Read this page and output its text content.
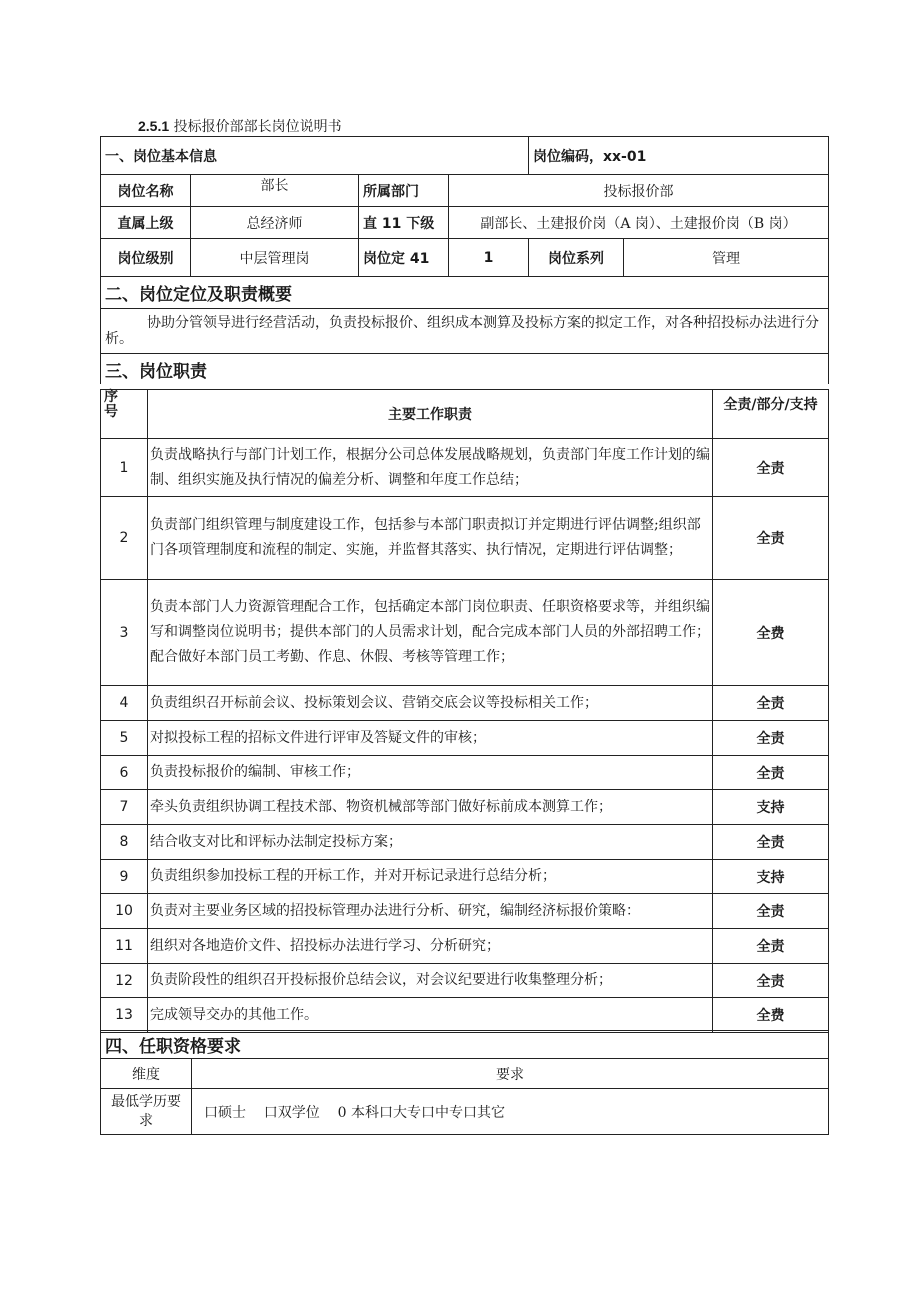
2.5.1 投标报价部部长岗位说明书
一、岗位基本信息				岗位编码，xx-01	
岗位名称	部长	所属部门	投标报价部		
直属上级	总经济师	直 11 下级	副部长、土建报价岗（A 岗）、土建报价岗（B 岗）		
岗位级别	中层管理岗	岗位定 41	1	岗位系列	管理
二、岗位定位及职责概要					
协助分管领导进行经营活动，负责投标报价、组织成本测算及投标方案的拟定工作，对各种招投标办法进行分析。					
三、岗位职责					
序号	主要工作职责	全责/部分/支持
1	负责战略执行与部门计划工作，根据分公司总体发展战略规划，负责部门年度工作计划的编制、组织实施及执行情况的偏差分析、调整和年度工作总结；	全责
2	负责部门组织管理与制度建设工作，包括参与本部门职责拟订并定期进行评估调整;组织部门各项管理制度和流程的制定、实施，并监督其落实、执行情况，定期进行评估调整；	全责
3	负责本部门人力资源管理配合工作，包括确定本部门岗位职责、任职资格要求等，并组织编写和调整岗位说明书；提供本部门的人员需求计划，配合完成本部门人员的外部招聘工作；配合做好本部门员工考勤、作息、休假、考核等管理工作；	全费
4	负责组织召开标前会议、投标策划会议、营销交底会议等投标相关工作；	全责
5	对拟投标工程的招标文件进行评审及答疑文件的审核；	全责
6	负责投标报价的编制、审核工作；	全责
7	牵头负责组织协调工程技术部、物资机械部等部门做好标前成本测算工作；	支持
8	结合收支对比和评标办法制定投标方案；	全责
9	负责组织参加投标工程的开标工作，并对开标记录进行总结分析；	支持
10	负责对主要业务区域的招投标管理办法进行分析、研究，编制经济标报价策略：	全责
11	组织对各地造价文件、招投标办法进行学习、分析研究；	全责
12	负责阶段性的组织召开投标报价总结会议，对会议纪要进行收集整理分析；	全责
13	完成领导交办的其他工作。	全费
四、任职资格要求	
维度	要求
最低学历要求	口硕士    口双学位    0 本科口大专口中专口其它
